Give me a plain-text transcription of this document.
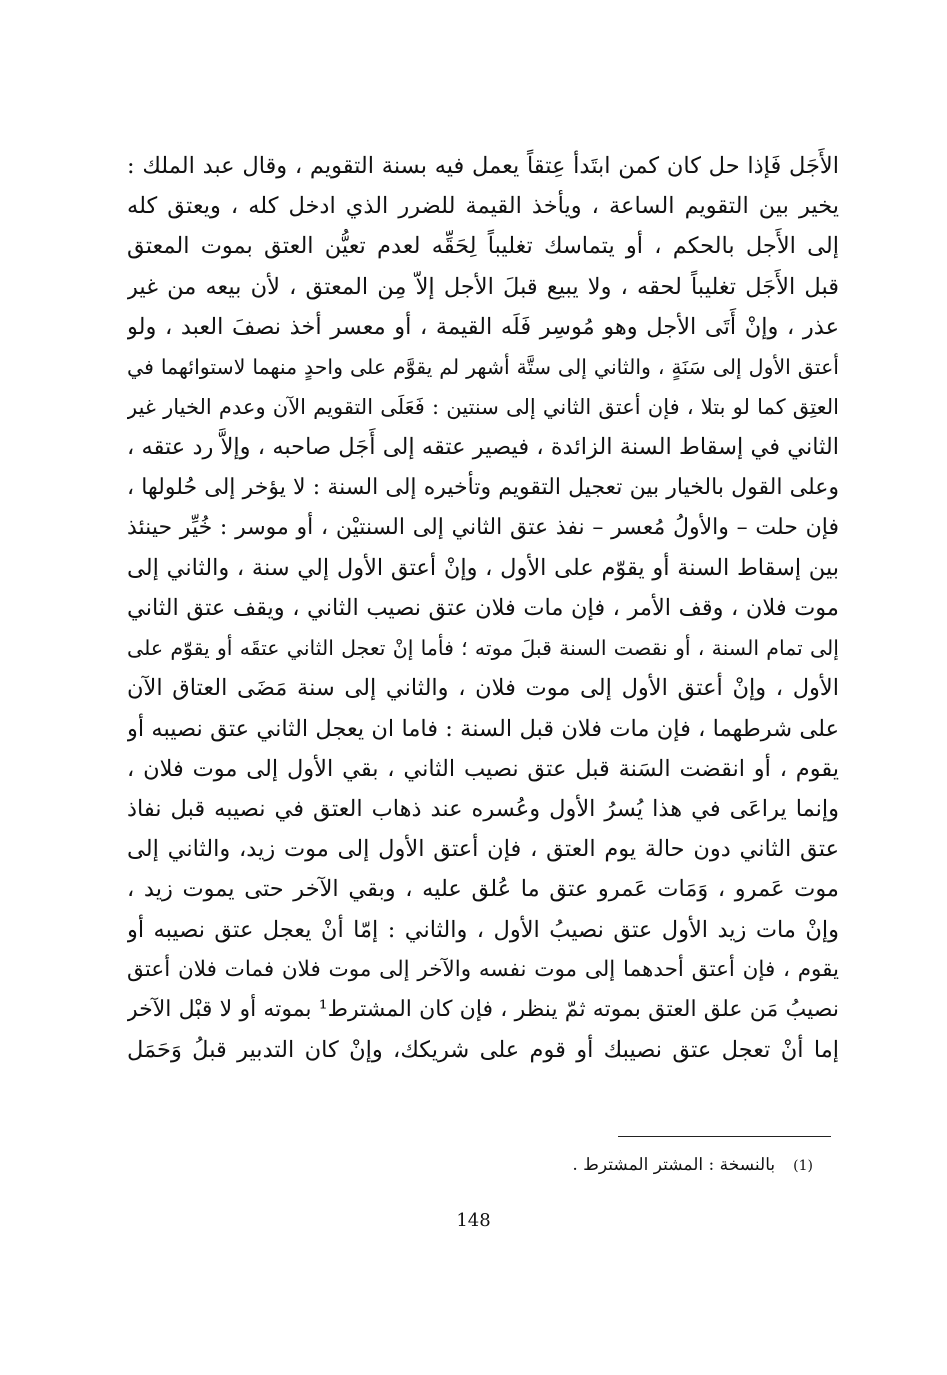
الأَجَل فَإذا حل كان كمن ابتَدأ عِتقاً يعمل فيه بسنة التقويم ، وقال عبد الملك :
يخير بين التقويم الساعة ، ويأخذ القيمة للضرر الذي ادخل كله ، ويعتق كله
إلى الأَجل بالحكم ، أو يتماسك تغليباً لِحَقِّه لعدم تعيُّن العتق بموت المعتق
قبل الأَجَل تغليباً لحقه ، ولا يبيع قبلَ الأجل إلاّ مِن المعتق ، لأن بيعه من غير
عذر ، وإنْ أَتَى الأجل وهو مُوسِر فَلَه القيمة ، أو معسر أخذ نصفَ العبد ، ولو
أعتق الأول إلى سَنَةٍ ، والثاني إلى ستَّة أشهر لم يقوَّم على واحدٍ منهما لاستوائهما في
العتِق كما لو بتلا ، فإن أعتق الثاني إلى سنتين : فَعَلَى التقويم الآن وعدم الخيار غير
الثاني في إسقاط السنة الزائدة ، فيصير عتقه إلى أَجَل صاحبه ، وإلاَّ رد عتقه ،
وعلى القول بالخيار بين تعجيل التقويم وتأخيره إلى السنة : لا يؤخر إلى حُلولها ،
فإن حلت – والأولُ مُعسر – نفذ عتق الثاني إلى السنتيْن ، أو موسر : خُيِّر حينئذ
بين إسقاط السنة أو يقوّم على الأول ، وإنْ أعتق الأول إلي سنة ، والثاني إلى
موت فلان ، وقف الأمر ، فإن مات فلان عتق نصيب الثاني ، ويقف عتق الثاني
إلى تمام السنة ، أو نقصت السنة قبلَ موته ؛ فأما إنْ تعجل الثاني عتقَه أو يقوّم على
الأول ، وإنْ أعتق الأول إلى موت فلان ، والثاني إلى سنة مَضَى العتاق الآن
على شرطهما ، فإن مات فلان قبل السنة : فاما ان يعجل الثاني عتق نصيبه أو
يقوم ، أو انقضت السَنة قبل عتق نصيب الثاني ، بقي الأول إلى موت فلان ،
وإنما يراعَى في هذا يُسرُ الأول وعُسره عند ذهاب العتق في نصيبه قبل نفاذ
عتق الثاني دون حالة يوم العتق ، فإن أعتق الأول إلى موت زيد، والثاني إلى
موت عَمرو ، وَمَات عَمرو عتق ما عُلق عليه ، وبقي الآخر حتى يموت زيد ،
وإنْ مات زيد الأول عتق نصيبُ الأول ، والثاني : إمّا أنْ يعجل عتق نصيبه أو
يقوم ، فإن أعتق أحدهما إلى موت نفسه والآخر إلى موت فلان فمات فلان أعتق
نصيبُ مَن علق العتق بموته ثمّ ينظر ، فإن كان المشترط¹ بموته أو لا قبْل الآخر
إما أنْ تعجل عتق نصيبك أو قوم على شريكك، وإنْ كان التدبير قبلُ وَحَمَل
(1)بالنسخة : المشتر المشترط .
148
